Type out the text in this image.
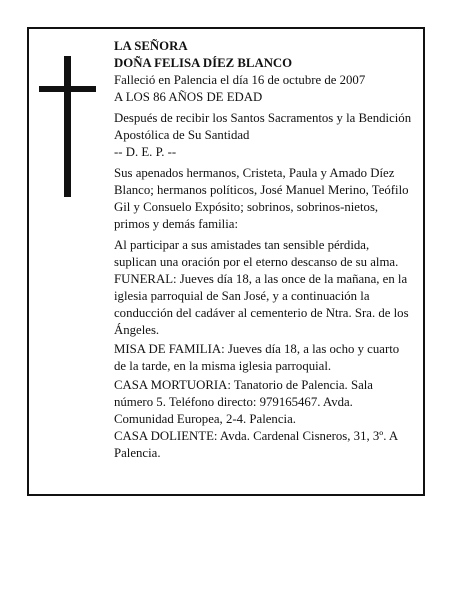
LA SEÑORA

DOÑA FELISA DÍEZ BLANCO

Falleció en Palencia el día 16 de octubre de 2007

A LOS 86 AÑOS DE EDAD

Después de recibir los Santos Sacramentos y la Bendición Apostólica de Su Santidad

-- D. E. P. --

Sus apenados hermanos, Cristeta, Paula y Amado Díez Blanco; hermanos políticos, José Manuel Merino, Teófilo Gil y Consuelo Expósito; sobrinos, sobrinos-nietos, primos y demás familia:

Al participar a sus amistades tan sensible pérdida, suplican una oración por el eterno descanso de su alma.

FUNERAL: Jueves día 18, a las once de la mañana, en la iglesia parroquial de San José, y a continuación la conducción del cadáver al cementerio de Ntra. Sra. de los Ángeles.

MISA DE FAMILIA: Jueves día 18, a las ocho y cuarto de la tarde, en la misma iglesia parroquial.

CASA MORTUORIA: Tanatorio de Palencia. Sala número 5. Teléfono directo: 979165467. Avda. Comunidad Europea, 2-4. Palencia.

CASA DOLIENTE: Avda. Cardenal Cisneros, 31, 3º. A Palencia.
